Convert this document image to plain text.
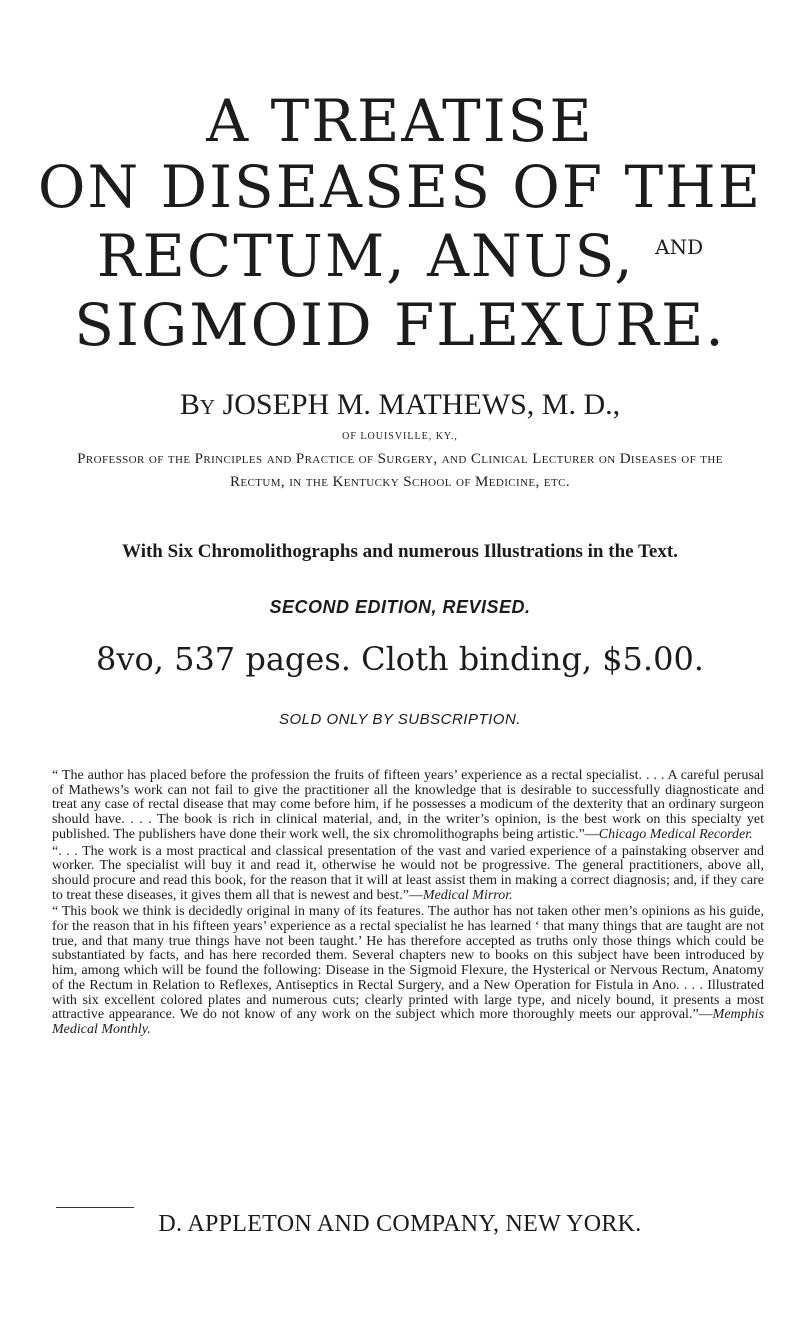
A TREATISE
ON DISEASES OF THE
RECTUM, ANUS, $^{AND}$
SIGMOID FLEXURE.
By JOSEPH M. MATHEWS, M. D.,
OF LOUISVILLE, KY.,
Professor of the Principles and Practice of Surgery, and Clinical Lecturer on Diseases of the Rectum, in the Kentucky School of Medicine, etc.
With Six Chromolithographs and numerous Illustrations in the Text.
SECOND EDITION, REVISED.
8vo, 537 pages. Cloth binding, $5.00.
SOLD ONLY BY SUBSCRIPTION.

“ The author has placed before the profession the fruits of fifteen years’ experience as a rectal specialist. . . . A careful perusal of Mathews’s work can not fail to give the practitioner all the knowledge that is desirable to successfully diagnosticate and treat any case of rectal disease that may come before him, if he possesses a modicum of the dexterity that an ordinary surgeon should have. . . . The book is rich in clinical material, and, in the writer’s opinion, is the best work on this specialty yet published. The publishers have done their work well, the six chromolithographs being artistic.”—Chicago Medical Recorder.

“. . . The work is a most practical and classical presentation of the vast and varied experience of a painstaking observer and worker. The specialist will buy it and read it, otherwise he would not be progressive. The general practitioners, above all, should procure and read this book, for the reason that it will at least assist them in making a correct diagnosis; and, if they care to treat these diseases, it gives them all that is newest and best.”—Medical Mirror.

“ This book we think is decidedly original in many of its features. The author has not taken other men’s opinions as his guide, for the reason that in his fifteen years’ experience as a rectal specialist he has learned ‘ that many things that are taught are not true, and that many true things have not been taught.’ He has therefore accepted as truths only those things which could be substantiated by facts, and has here recorded them. Several chapters new to books on this subject have been introduced by him, among which will be found the following: Disease in the Sigmoid Flexure, the Hysterical or Nervous Rectum, Anatomy of the Rectum in Relation to Reflexes, Antiseptics in Rectal Surgery, and a New Operation for Fistula in Ano. . . . Illustrated with six excellent colored plates and numerous cuts; clearly printed with large type, and nicely bound, it presents a most attractive appearance. We do not know of any work on the subject which more thoroughly meets our approval.”—Memphis Medical Monthly.

D. APPLETON AND COMPANY, NEW YORK.
